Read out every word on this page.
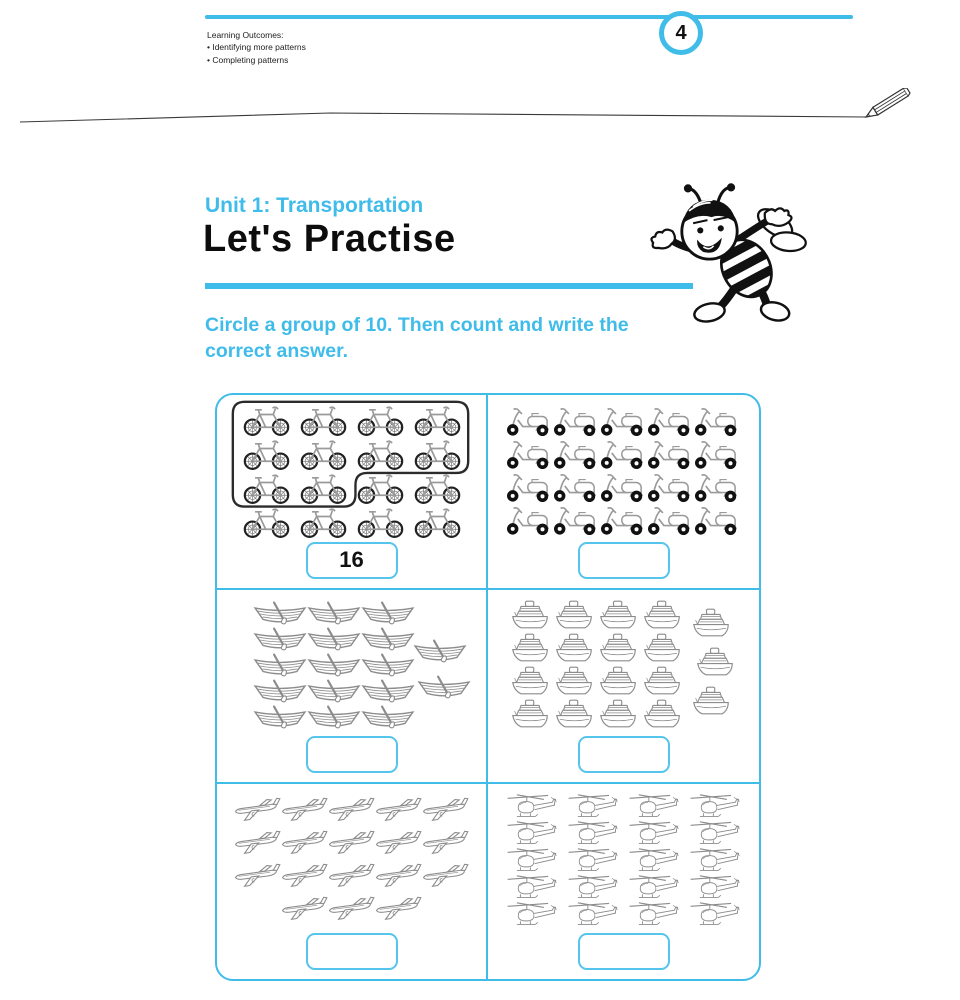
4
Learning Outcomes:
• Identifying more patterns
• Completing patterns
Unit 1: Transportation
Let's Practise

Circle a group of 10. Then count and write the correct answer.

16
